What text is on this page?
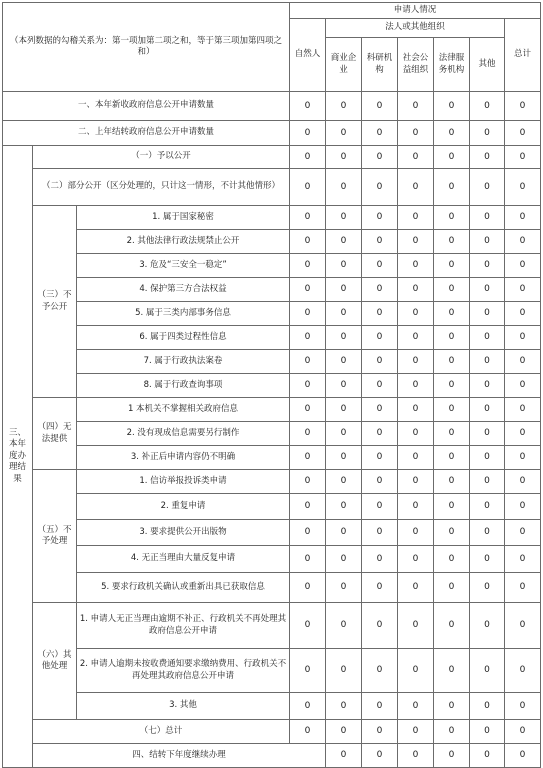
（本列数据的勾稽关系为：第一项加第二项之和，等于第三项加第四项之和）			申请人情况							
			自然人	法人或其他组织					总计	
				商业企业	科研机构	社会公益组织	法律服务机构	其他		
一、本年新收政府信息公开申请数量			0	0	0	0	0	0	0	
二、上年结转政府信息公开申请数量			0	0	0	0	0	0	0	
三、本年度办理结果	（一）予以公开		0	0	0	0	0	0	0	
	（二）部分公开（区分处理的，只计这一情形，不计其他情形）		0	0	0	0	0	0	0	
	（三）不予公开	1. 属于国家秘密	0	0	0	0	0	0	0	
		2. 其他法律行政法规禁止公开	0	0	0	0	0	0	0	
		3. 危及“三安全一稳定”	0	0	0	0	0	0	0	
		4. 保护第三方合法权益	0	0	0	0	0	0	0	
		5. 属于三类内部事务信息	0	0	0	0	0	0	0	
		6. 属于四类过程性信息	0	0	0	0	0	0	0	
		7. 属于行政执法案卷	0	0	0	0	0	0	0	
		8. 属于行政查询事项	0	0	0	0	0	0	0	
	（四）无法提供	1 本机关不掌握相关政府信息	0	0	0	0	0	0	0	
		2. 没有现成信息需要另行制作	0	0	0	0	0	0	0	
		3. 补正后申请内容仍不明确	0	0	0	0	0	0	0	
	（五）不予处理	1. 信访举报投诉类申请	0	0	0	0	0	0	0	
		2. 重复申请	0	0	0	0	0	0	0	
		3. 要求提供公开出版物	0	0	0	0	0	0	0	
		4. 无正当理由大量反复申请	0	0	0	0	0	0	0	
		5. 要求行政机关确认或重新出具已获取信息	0	0	0	0	0	0	0	
	（六）其他处理	1. 申请人无正当理由逾期不补正、行政机关不再处理其政府信息公开申请	0	0	0	0	0	0	0	
		2. 申请人逾期未按收费通知要求缴纳费用、行政机关不再处理其政府信息公开申请	0	0	0	0	0	0	0	
		3. 其他	0	0	0	0	0	0	0	
	（七）总计		0	0	0	0	0	0	0	
	四、结转下年度继续办理			0	0	0	0	0	0	
